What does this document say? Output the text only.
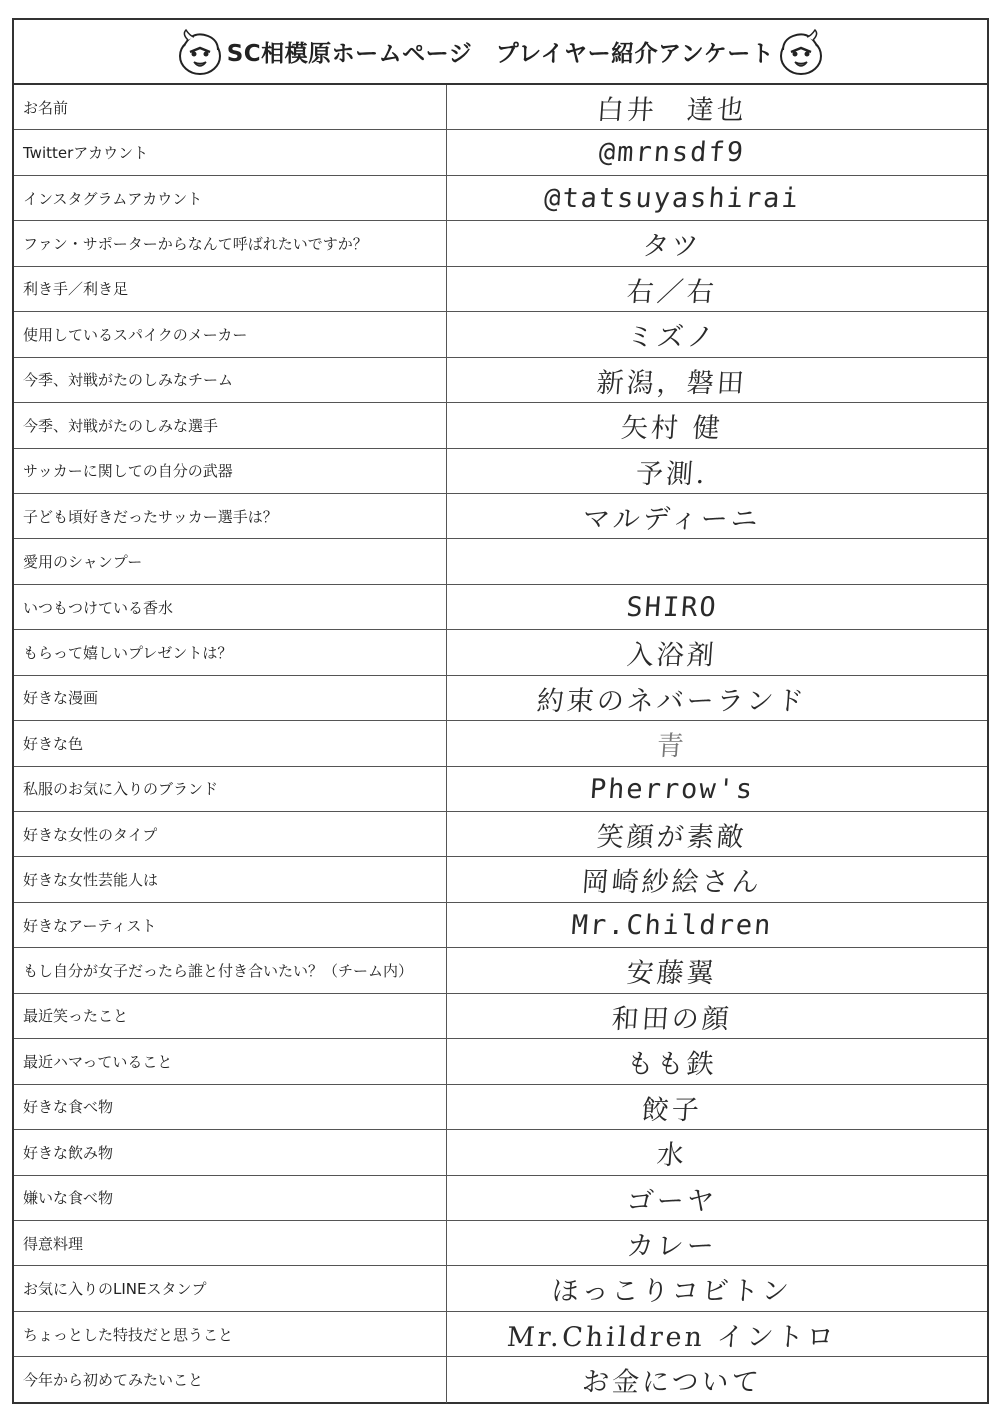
SC相模原ホームページ　プレイヤー紹介アンケート
お名前	白井　達也
Twitterアカウント	@mrnsdf9
インスタグラムアカウント	@tatsuyashirai
ファン・サポーターからなんて呼ばれたいですか？	タツ
利き手／利き足	右／右
使用しているスパイクのメーカー	ミズノ
今季、対戦がたのしみなチーム	新潟，磐田
今季、対戦がたのしみな選手	矢村 健
サッカーに関しての自分の武器	予測.
子ども頃好きだったサッカー選手は？	マルディーニ
愛用のシャンプー
いつもつけている香水	SHIRO
もらって嬉しいプレゼントは？	入浴剤
好きな漫画	約束のネバーランド
好きな色	青
私服のお気に入りのブランド	Pherrow's
好きな女性のタイプ	笑顔が素敵
好きな女性芸能人は	岡崎紗絵さん
好きなアーティスト	Mr.Children
もし自分が女子だったら誰と付き合いたい？（チーム内）	安藤翼
最近笑ったこと	和田の顔
最近ハマっていること	もも鉄
好きな食べ物	餃子
好きな飲み物	水
嫌いな食べ物	ゴーヤ
得意料理	カレー
お気に入りのLINEスタンプ	ほっこりコビトン
ちょっとした特技だと思うこと	Mr.Children イントロ
今年から初めてみたいこと	お金について
